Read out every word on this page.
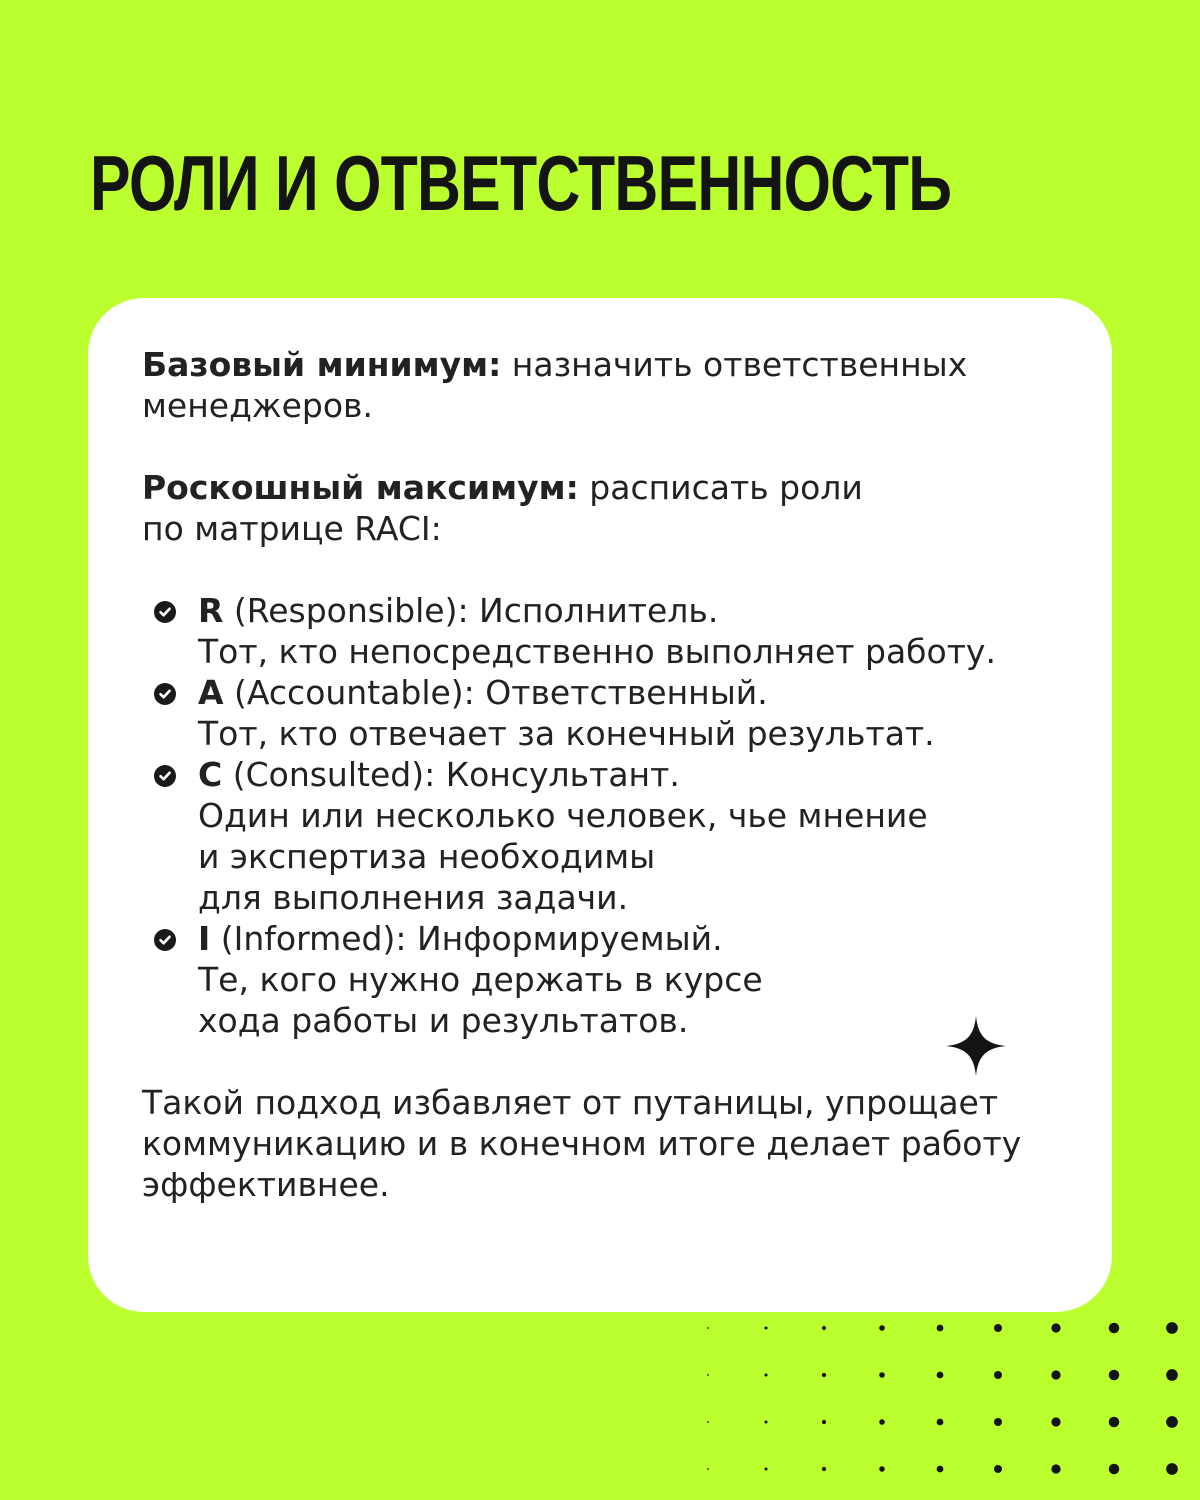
РОЛИ И ОТВЕТСТВЕННОСТЬ

Базовый минимум: назначить ответственных менеджеров.

Роскошный максимум: расписать роли
по матрице RACI:

R (Responsible): Исполнитель.
Тот, кто непосредственно выполняет работу.
A (Accountable): Ответственный.
Тот, кто отвечает за конечный результат.
C (Consulted): Консультант.
Один или несколько человек, чье мнение
и экспертиза необходимы
для выполнения задачи.
I (Informed): Информируемый.
Те, кого нужно держать в курсе
хода работы и результатов.

Такой подход избавляет от путаницы, упрощает коммуникацию и в конечном итоге делает работу эффективнее.
